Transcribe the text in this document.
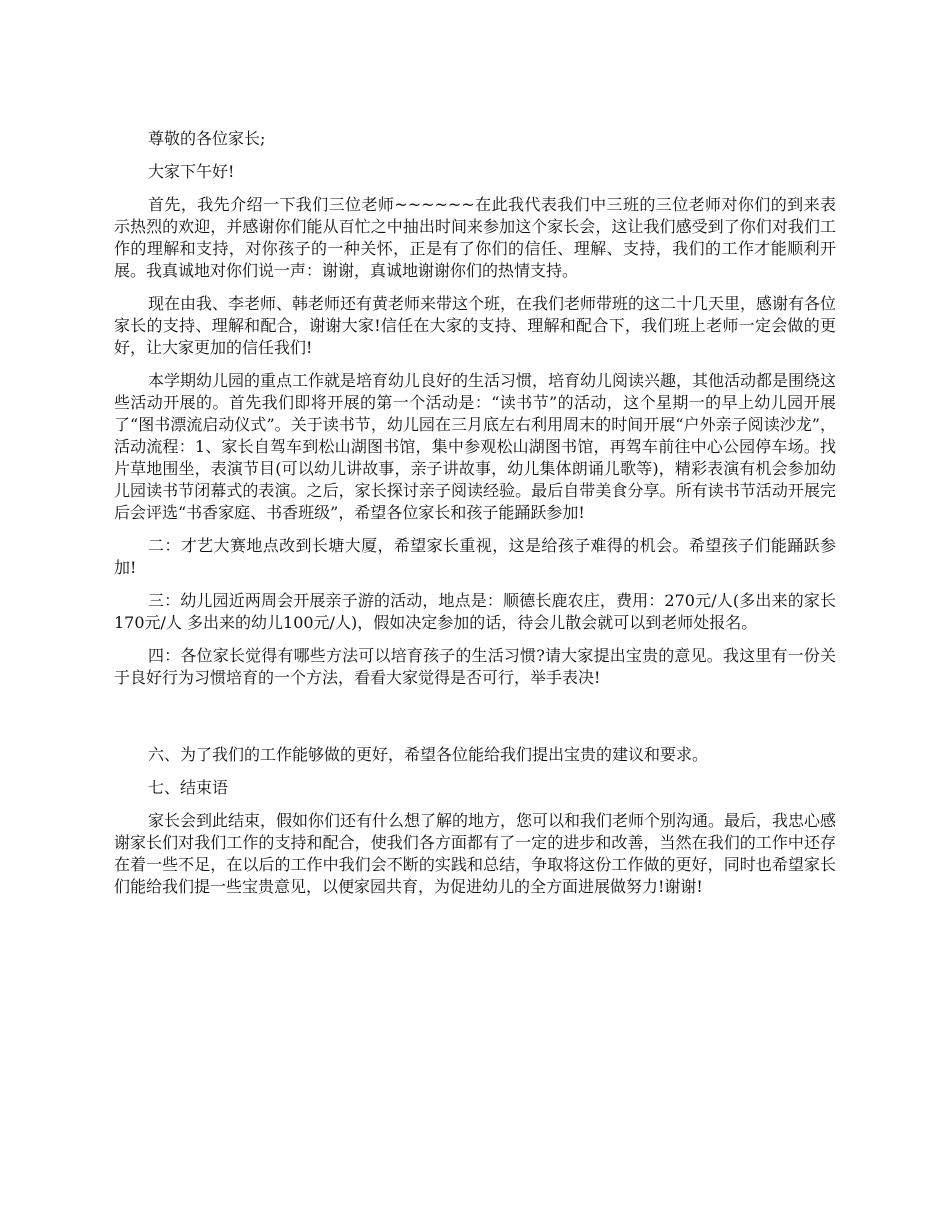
尊敬的各位家长;

大家下午好!

首先，我先介绍一下我们三位老师~~~~~~在此我代表我们中三班的三位老师对你们的到来表示热烈的欢迎，并感谢你们能从百忙之中抽出时间来参加这个家长会，这让我们感受到了你们对我们工作的理解和支持，对你孩子的一种关怀，正是有了你们的信任、理解、支持，我们的工作才能顺利开展。我真诚地对你们说一声：谢谢，真诚地谢谢你们的热情支持。

现在由我、李老师、韩老师还有黄老师来带这个班，在我们老师带班的这二十几天里，感谢有各位家长的支持、理解和配合，谢谢大家!信任在大家的支持、理解和配合下，我们班上老师一定会做的更好，让大家更加的信任我们!

本学期幼儿园的重点工作就是培育幼儿良好的生活习惯，培育幼儿阅读兴趣，其他活动都是围绕这些活动开展的。首先我们即将开展的第一个活动是：“读书节”的活动，这个星期一的早上幼儿园开展了“图书漂流启动仪式”。关于读书节，幼儿园在三月底左右利用周末的时间开展“户外亲子阅读沙龙”，活动流程：1、家长自驾车到松山湖图书馆，集中参观松山湖图书馆，再驾车前往中心公园停车场。找片草地围坐，表演节目(可以幼儿讲故事，亲子讲故事，幼儿集体朗诵儿歌等)，精彩表演有机会参加幼儿园读书节闭幕式的表演。之后，家长探讨亲子阅读经验。最后自带美食分享。所有读书节活动开展完后会评选“书香家庭、书香班级”，希望各位家长和孩子能踊跃参加!

二：才艺大赛地点改到长塘大厦，希望家长重视，这是给孩子难得的机会。希望孩子们能踊跃参加!

三：幼儿园近两周会开展亲子游的活动，地点是：顺德长鹿农庄，费用：270元/人(多出来的家长170元/人 多出来的幼儿100元/人)，假如决定参加的话，待会儿散会就可以到老师处报名。

四：各位家长觉得有哪些方法可以培育孩子的生活习惯?请大家提出宝贵的意见。我这里有一份关于良好行为习惯培育的一个方法，看看大家觉得是否可行，举手表决!

六、为了我们的工作能够做的更好，希望各位能给我们提出宝贵的建议和要求。

七、结束语

家长会到此结束，假如你们还有什么想了解的地方，您可以和我们老师个别沟通。最后，我忠心感谢家长们对我们工作的支持和配合，使我们各方面都有了一定的进步和改善，当然在我们的工作中还存在着一些不足，在以后的工作中我们会不断的实践和总结，争取将这份工作做的更好，同时也希望家长们能给我们提一些宝贵意见，以便家园共育，为促进幼儿的全方面进展做努力!谢谢!
